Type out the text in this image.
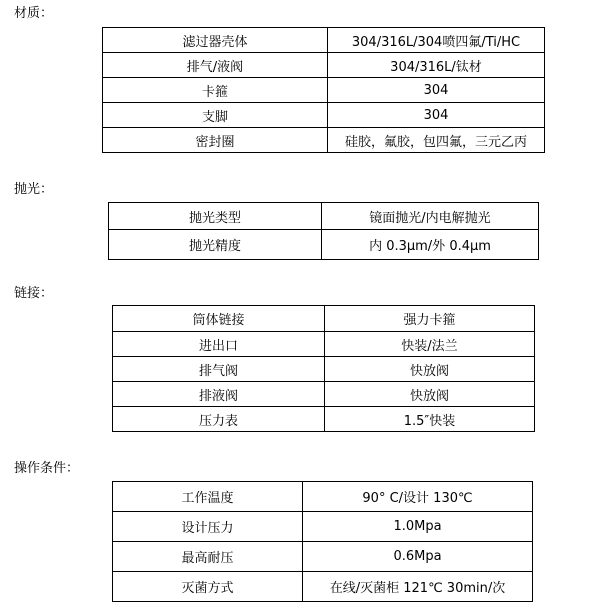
材质：
滤过器壳体	304/316L/304喷四氟/Ti/HC
排气/液阀	304/316L/钛材
卡箍	304
支脚	304
密封圈	硅胶，氟胶，包四氟，三元乙丙
抛光：
抛光类型	镜面抛光/内电解抛光
抛光精度	内 0.3μm/外 0.4μm
链接：
筒体链接	强力卡箍
进出口	快装/法兰
排气阀	快放阀
排液阀	快放阀
压力表	1.5″快装
操作条件：
工作温度	90° C/设计 130℃
设计压力	1.0Mpa
最高耐压	0.6Mpa
灭菌方式	在线/灭菌柜 121℃ 30min/次
